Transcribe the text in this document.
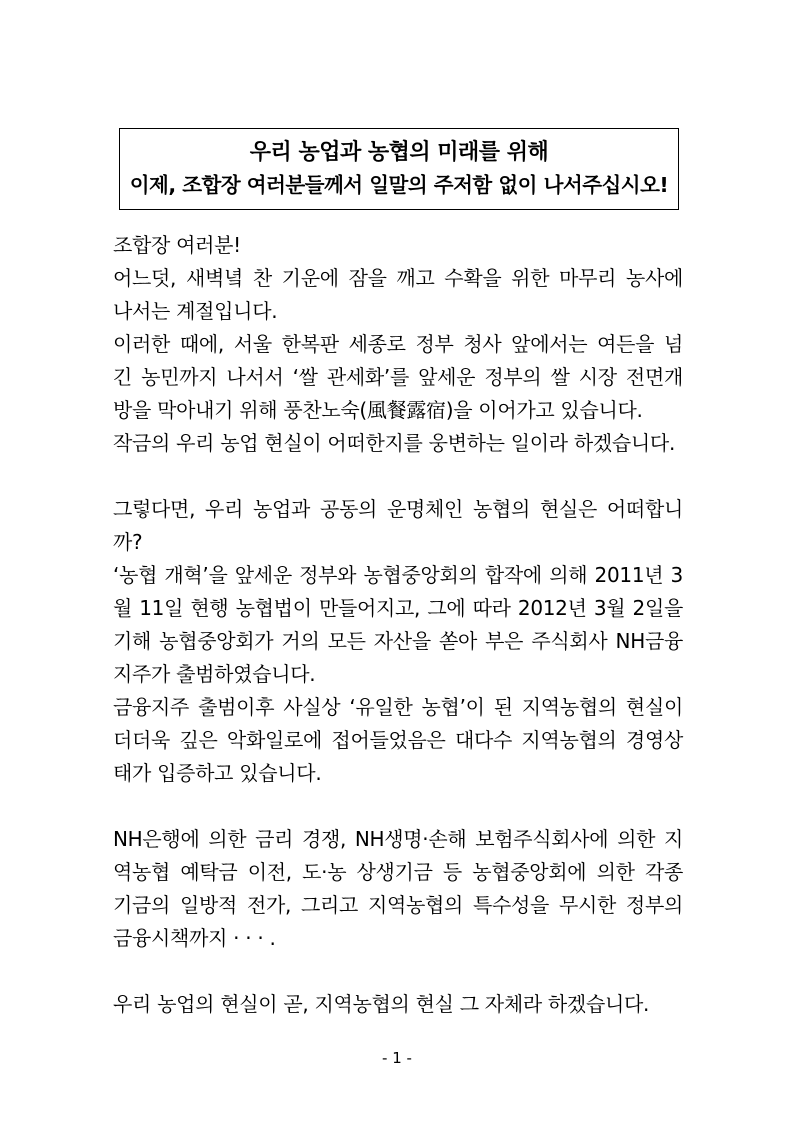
우리 농업과 농협의 미래를 위해
이제, 조합장 여러분들께서 일말의 주저함 없이 나서주십시오!
조합장 여러분!
어느덧, 새벽녘 찬 기운에 잠을 깨고 수확을 위한 마무리 농사에
나서는 계절입니다.
이러한 때에, 서울 한복판 세종로 정부 청사 앞에서는 여든을 넘
긴 농민까지 나서서 ‘쌀 관세화’를 앞세운 정부의 쌀 시장 전면개
방을 막아내기 위해 풍찬노숙(風餐露宿)을 이어가고 있습니다.
작금의 우리 농업 현실이 어떠한지를 웅변하는 일이라 하겠습니다.
그렇다면, 우리 농업과 공동의 운명체인 농협의 현실은 어떠합니
까?
‘농협 개혁’을 앞세운 정부와 농협중앙회의 합작에 의해 2011년 3
월 11일 현행 농협법이 만들어지고, 그에 따라 2012년 3월 2일을
기해 농협중앙회가 거의 모든 자산을 쏟아 부은 주식회사 NH금융
지주가 출범하였습니다.
금융지주 출범이후 사실상 ‘유일한 농협’이 된 지역농협의 현실이
더더욱 깊은 악화일로에 접어들었음은 대다수 지역농협의 경영상
태가 입증하고 있습니다.
NH은행에 의한 금리 경쟁, NH생명·손해 보험주식회사에 의한 지
역농협 예탁금 이전, 도·농 상생기금 등 농협중앙회에 의한 각종
기금의 일방적 전가, 그리고 지역농협의 특수성을 무시한 정부의
금융시책까지 · · · .
우리 농업의 현실이 곧, 지역농협의 현실 그 자체라 하겠습니다.
- 1 -
